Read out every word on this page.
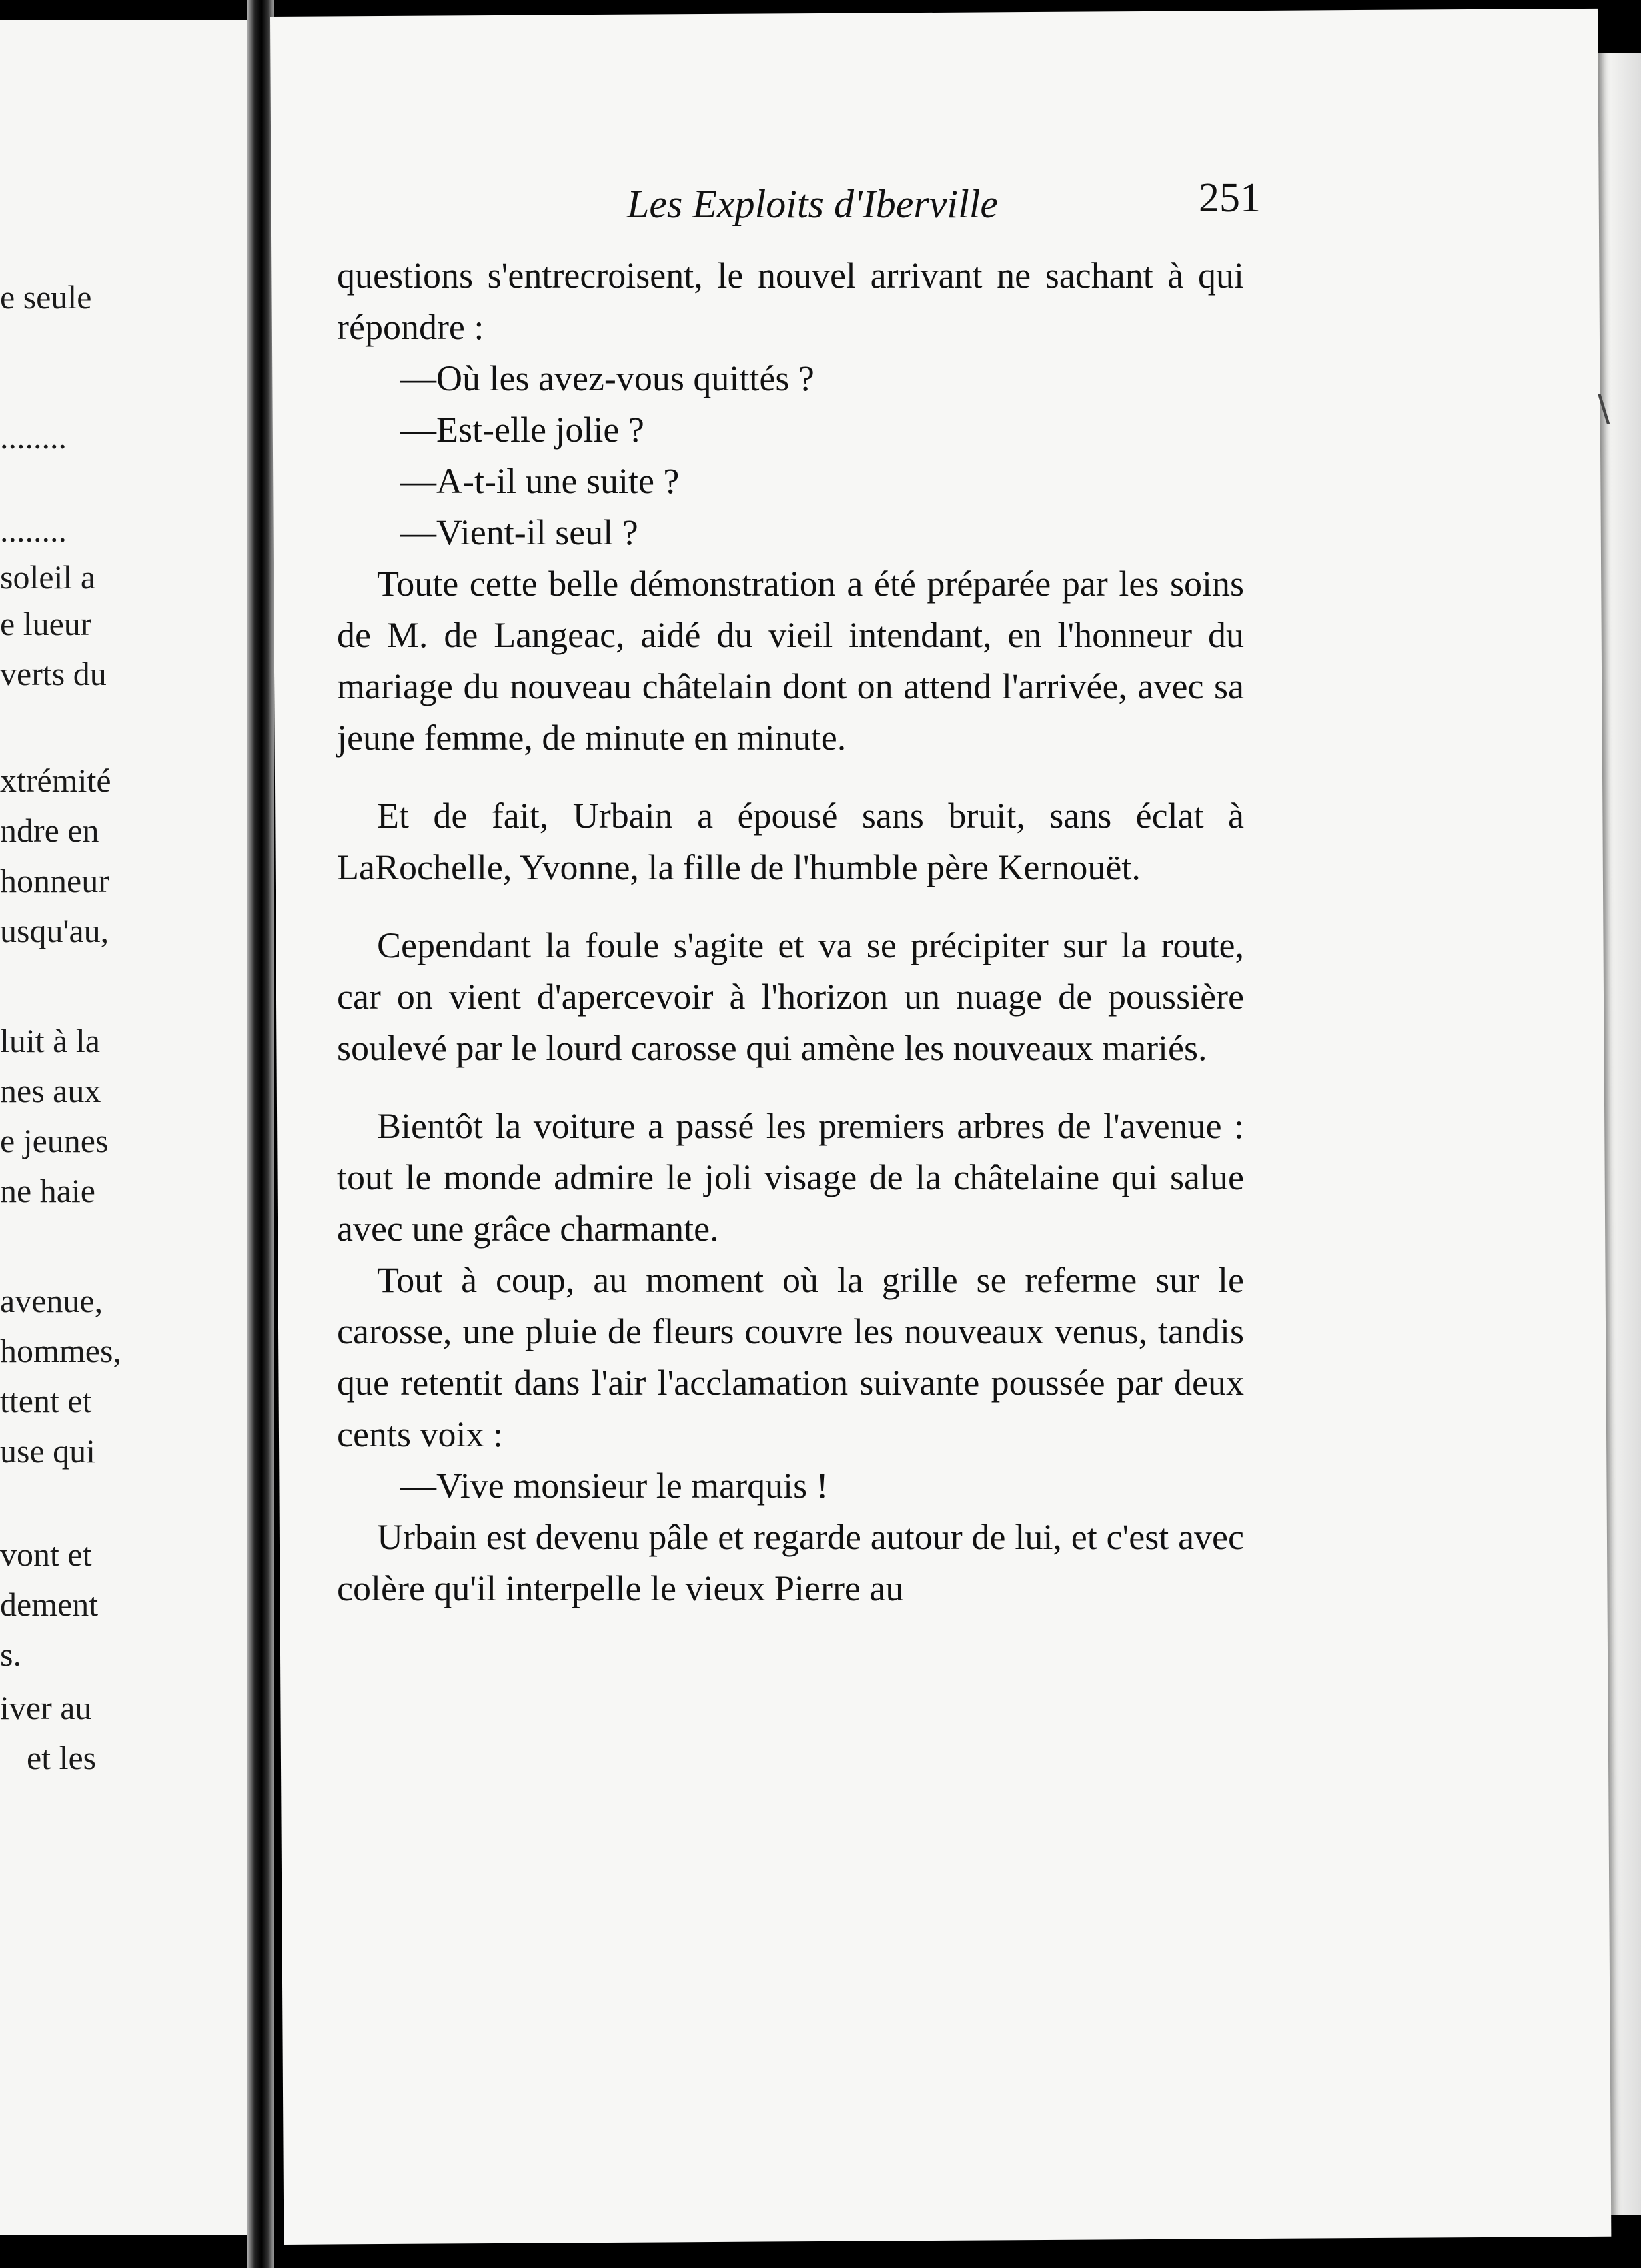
e seule
........
........
soleil a
e lueur
verts du
xtrémité
ndre en
honneur
usqu'au,
luit à la
nes aux
e jeunes
ne haie
avenue,
hommes,
ttent et
use qui
vont et
dement
s.
iver au
et les
Les Exploits d'Iberville	251

questions s'entrecroisent, le nouvel arrivant ne sachant à qui répondre :

—Où les avez-vous quittés ?

—Est-elle jolie ?

—A-t-il une suite ?

—Vient-il seul ?

Toute cette belle démonstration a été préparée par les soins de M. de Langeac, aidé du vieil intendant, en l'honneur du mariage du nouveau châtelain dont on attend l'arrivée, avec sa jeune femme, de minute en minute.

Et de fait, Urbain a épousé sans bruit, sans éclat à LaRochelle, Yvonne, la fille de l'humble père Kernouët.

Cependant la foule s'agite et va se précipiter sur la route, car on vient d'apercevoir à l'horizon un nuage de poussière soulevé par le lourd carosse qui amène les nouveaux mariés.

Bientôt la voiture a passé les premiers arbres de l'avenue : tout le monde admire le joli visage de la châtelaine qui salue avec une grâce charmante.

Tout à coup, au moment où la grille se referme sur le carosse, une pluie de fleurs couvre les nouveaux venus, tandis que retentit dans l'air l'acclamation suivante poussée par deux cents voix :

—Vive monsieur le marquis !

Urbain est devenu pâle et regarde autour de lui, et c'est avec colère qu'il interpelle le vieux Pierre au

\
